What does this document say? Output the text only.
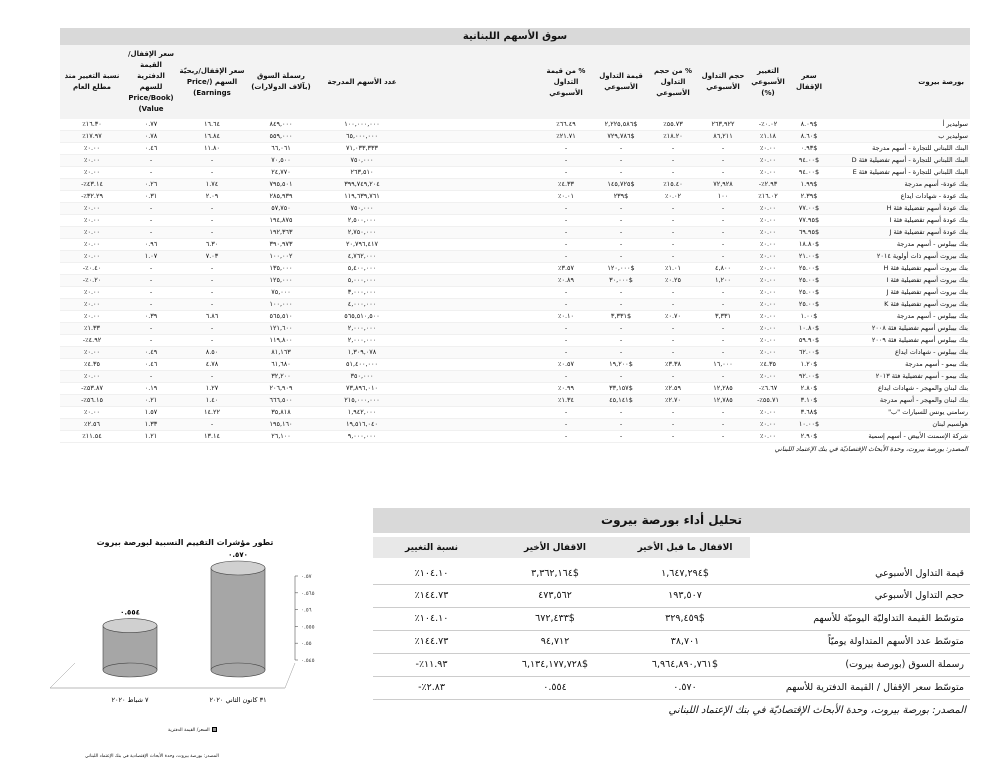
سوق الأسهم اللبنانية
بورصة بيروت	سعر الإقفال	التغيير الأسبوعي (%)	حجم التداول الأسبوعي	% من حجم التداول الأسبوعي	قيمة التداول الأسبوعي	% من قيمة التداول الأسبوعي		عدد الأسهم المدرجة	رسملة السوق (بآلاف الدولارات)	سعر الإقفال/ربحيّة السهم (Price/ Earnings)	سعر الإقفال/القيمة الدفترية للسهم (Price/Book Value)	نسبة التغيير منذ مطلع العام
سوليدير أ	$٨.٠٩	٠.٠٢٪-	٢٦٣,٩٢٢	٥٥.٧٣٪	$٢,٢٢٥,٥٨٦	٦٦.٤٩٪		١٠٠,٠٠٠,٠٠٠	٨٤٩,٠٠٠	١٦.٦٤	٠.٧٧	١٦.٣٠٪
سوليدير ب	$٨.٦٠	١.١٨٪	٨٦,٢١١	١٨.٢٠٪	$٧٢٩,٧٨٦	٢١.٧١٪		٦٥,٠٠٠,٠٠٠	٥٥٩,٠٠٠	١٦.٨٤	٠.٧٨	١٧.٩٧٪
البنك اللبناني للتجارة - أسهم مدرجة	$٠.٩٣	٠.٠٠٪	-	-	-	-		٧١,٠٣٣,٣٣٣	٦٦,٠٦١	١١.٨٠	٠.٤٦	٠.٠٠٪
البنك اللبناني للتجارة - أسهم تفضيلية فئة D	$٩٤.٠٠	٠.٠٠٪	-	-	-	-		٧٥٠,٠٠٠	٧٠,٥٠٠	-	-	٠.٠٠٪
البنك اللبناني للتجارة - أسهم تفضيلية فئة E	$٩٤.٠٠	٠.٠٠٪	-	-	-	-		٢٦٣,٥١٠	٢٤,٧٧٠	-	-	٠.٠٠٪
بنك عودة- أسهم مدرجة	$١.٩٩	٢.٩٣٪-	٧٢,٩٢٨	١٥.٤٠٪	$١٤٥,٧٢٥	٤.٣٣٪		٣٩٩,٧٤٩,٢٠٤	٧٩٥,٥٠١	١.٧٤	٠.٢٦	٤٣.١٤٪-
بنك عودة - شهادات ايداع	$٢.٣٩	١٦.٠٢٪	١٠٠	٠.٠٢٪	$٢٣٩	٠.٠١٪		١١٩,٦٣٩,٧٦١	٢٨٥,٩٣٩	٢.٠٩	٠.٣١	٣٢.٢٩٪-
بنك عودة أسهم تفضيلية فئة H	$٧٧.٠٠	٠.٠٠٪	-	-	-	-		٧٥٠,٠٠٠	٥٧,٧٥٠	-	-	٠.٠٠٪
بنك عودة أسهم تفضيلية فئة I	$٧٧.٩٥	٠.٠٠٪	-	-	-	-		٢,٥٠٠,٠٠٠	١٩٤,٨٧٥	-	-	٠.٠٠٪
بنك عودة أسهم تفضيلية فئة J	$٦٩.٩٥	٠.٠٠٪	-	-	-	-		٢,٧٥٠,٠٠٠	١٩٢,٣٦٣	-	-	٠.٠٠٪
بنك بيبلوس - أسهم مدرجة	$١٨.٨٠	٠.٠٠٪	-	-	-	-		٢٠,٧٩٦,٤١٧	٣٩٠,٩٧٣	٦.٣٠	٠.٩٦	٠.٠٠٪
بنك بيروت أسهم ذات أولوية ٢٠١٤	$٢١.٠٠	٠.٠٠٪	-	-	-	-		٤,٧٦٢,٠٠٠	١٠٠,٠٠٢	٧.٠٣	١.٠٧	٠.٠٠٪
بنك بيروت أسهم تفضيلية فئة H	$٢٥.٠٠	٠.٠٠٪	٤,٨٠٠	١.٠١٪	$١٢٠,٠٠٠	٣.٥٧٪		٥,٤٠٠,٠٠٠	١٣٥,٠٠٠	-	-	٠.٤٠٪-
بنك بيروت أسهم تفضيلية فئة I	$٢٥.٠٠	٠.٠٠٪	١,٢٠٠	٠.٢٥٪	$٣٠,٠٠٠	٠.٨٩٪		٥,٠٠٠,٠٠٠	١٢٥,٠٠٠	-	-	٠.٢٠٪-
بنك بيروت أسهم تفضيلية فئة J	$٢٥.٠٠	٠.٠٠٪	-	-	-	-		٣,٠٠٠,٠٠٠	٧٥,٠٠٠	-	-	٠.٠٠٪
بنك بيروت أسهم تفضيلية فئة K	$٢٥.٠٠	٠.٠٠٪	-	-	-	-		٤,٠٠٠,٠٠٠	١٠٠,٠٠٠	-	-	٠.٠٠٪
بنك بيبلوس - أسهم مدرجة	$١.٠٠	٠.٠٠٪	٣,٣٣١	٠.٧٠٪	$٣,٣٣١	٠.١٠٪		٥٦٥,٥١٠,٥٠٠	٥٦٥,٥١٠	٦.٨٦	٠.٣٩	٠.٠٠٪
بنك بيبلوس أسهم تفضيلية فئة ٢٠٠٨	$١٠.٨٠	٠.٠٠٪	-	-	-	-		٢,٠٠٠,٠٠٠	١٢١,٦٠٠	-	-	١.٣٣٪
بنك بيبلوس أسهم تفضيلية فئة ٢٠٠٩	$٥٩.٩٠	٠.٠٠٪	-	-	-	-		٢,٠٠٠,٠٠٠	١١٩,٨٠٠	-	-	٤.٩٢٪-
بنك بيبلوس - شهادات ايداع	$٦٢.٠٠	٠.٠٠٪	-	-	-	-		١,٣٠٩,٠٧٨	٨١,١٦٣	٨.٥٠	٠.٤٩	٠.٠٠٪
بنك بيمو - أسهم مدرجة	$١.٢٠	٤.٣٥٪	١٦,٠٠٠	٣.٣٨٪	$١٩,٢٠٠	٠.٥٧٪		٥١,٤٠٠,٠٠٠	٦١,٦٨٠	٤.٧٨	٠.٤٦	٤.٣٥٪
بنك بيمو - أسهم تفضيلية فئة ٢٠١٣	$٩٢.٠٠	٠.٠٠٪	-	-	-	-		٣٥٠,٠٠٠	٣٢,٢٠٠	-	-	٠.٠٠٪
بنك لبنان والمهجر - شهادات ايداع	$٢.٨٠	٦.٦٧٪-	١٢,٢٨٥	٢.٥٩٪	$٣٣,١٥٧	٠.٩٩٪		٧٣,٨٩٦,٠١٠	٢٠٦,٩٠٩	١.٢٧	٠.١٩	٥٣.٨٧٪-
بنك لبنان والمهجر - أسهم مدرجة	$٣.١٠	٥٥.٧١٪-	١٢,٧٨٥	٢.٧٠٪	$٤٥,١٤١	١.٣٤٪		٢١٥,٠٠٠,٠٠٠	٦٦٦,٥٠٠	١.٤٠	٠.٢١	٥٦.١٥٪-
رسامني يونس للسيارات "ب"	$٣.٦٨	٠.٠٠٪	-	-	-	-		١,٩٤٢,٠٠٠	٣٥,٨١٨	١٤.٢٢	١.٥٧	٠.٠٠٪
هولسيم لبنان	$١٠.٠٠	٠.٠٠٪	-	-	-	-		١٩,٥١٦,٠٤٠	١٩٥,١٦٠	-	١.٣٣	٢.٥٦٪
شركة الإسمنت الأبيض - أسهم إسمية	$٢.٩٠	٠.٠٠٪	-	-	-	-		٩,٠٠٠,٠٠٠	٢٦,١٠٠	١٣.١٤	١.٢١	١١.٥٤٪
المصدر: بورصة بيروت، وحدة الأبحاث الإقتصاديّة في بنك الإعتماد اللبناني
تطور مؤشرات التقييم النسبية لبورصة بيروت
٠.٥٤٥
٠.٥٥
٠.٥٥٥
٠.٥٦
٠.٥٦٥
٠.٥٧
٠.٥٧٠
٣١ كانون الثاني ٢٠٢٠
٠.٥٥٤
٧ شباط ٢٠٢٠
السعر/ القيمة الدفترية
المصدر: بورصة بيروت، وحدة الأبحاث الإقتصادية في بنك الإعتماد اللبناني
تحليل أداء بورصة بيروت
	الاقفال ما قبل الأخير	الاقفال الأخير	نسبة التغيير
قيمة التداول الأسبوعي	$١,٦٤٧,٢٩٤	$٣,٣٦٢,١٦٤	١٠٤.١٠٪
حجم التداول الأسبوعي	١٩٣,٥٠٧	٤٧٣,٥٦٢	١٤٤.٧٣٪
متوسّط القيمة التداوليّة اليوميّة للأسهم	$٣٢٩,٤٥٩	$٦٧٢,٤٣٣	١٠٤.١٠٪
متوسّط عدد الأسهم المتداولة يوميّاً	٣٨,٧٠١	٩٤,٧١٢	١٤٤.٧٣٪
رسملة السوق (بورصة بيروت)	$٦,٩٦٤,٨٩٠,٧٦١	$٦,١٣٤,١٧٧,٧٢٨	١١.٩٣٪-
متوسّط سعر الإقفال / القيمة الدفترية للأسهم	٠.٥٧٠	٠.٥٥٤	٢.٨٣٪-
المصدر: بورصة بيروت، وحدة الأبحاث الإقتصاديّة في بنك الإعتماد اللبناني
